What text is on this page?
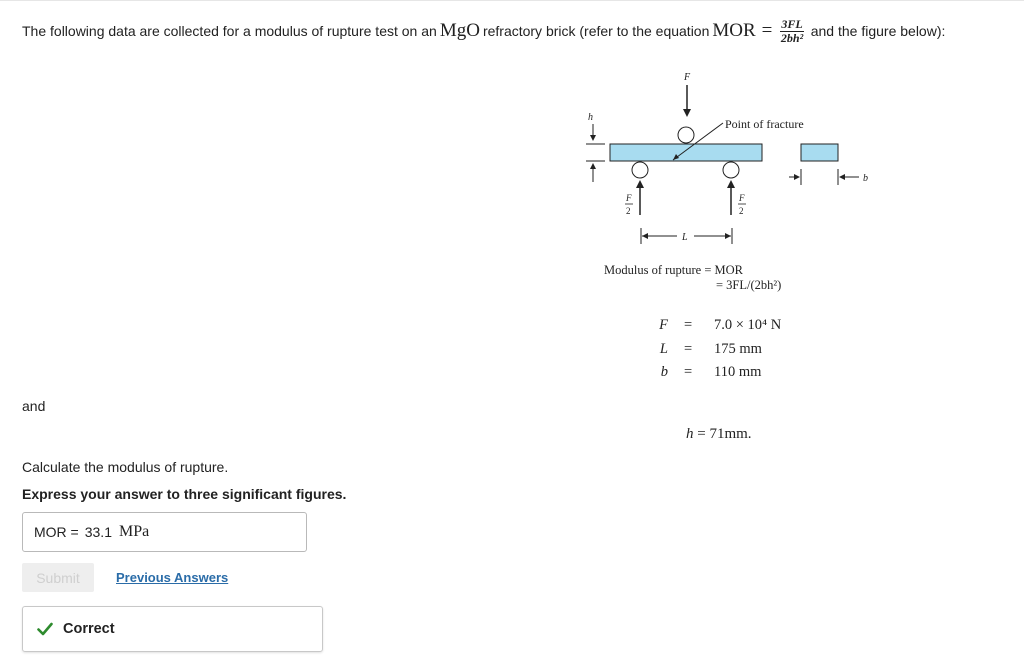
The following data are collected for a modulus of rupture test on an MgO refractory brick (refer to the equation MOR = $\frac{3FL}{\text{2bh²}}$ and the figure below):
F
Point of fracture
h
F
2
F
2
L
b
Modulus of rupture = MOR
= 3FL/(2bh²)
F = 7.0 × 10⁴ N
L = 175 mm
b = 110 mm
and
h = 71mm.
Calculate the modulus of rupture.
Express your answer to three significant figures.
MOR = 33.1 MPa
Submit	Previous Answers
Correct
